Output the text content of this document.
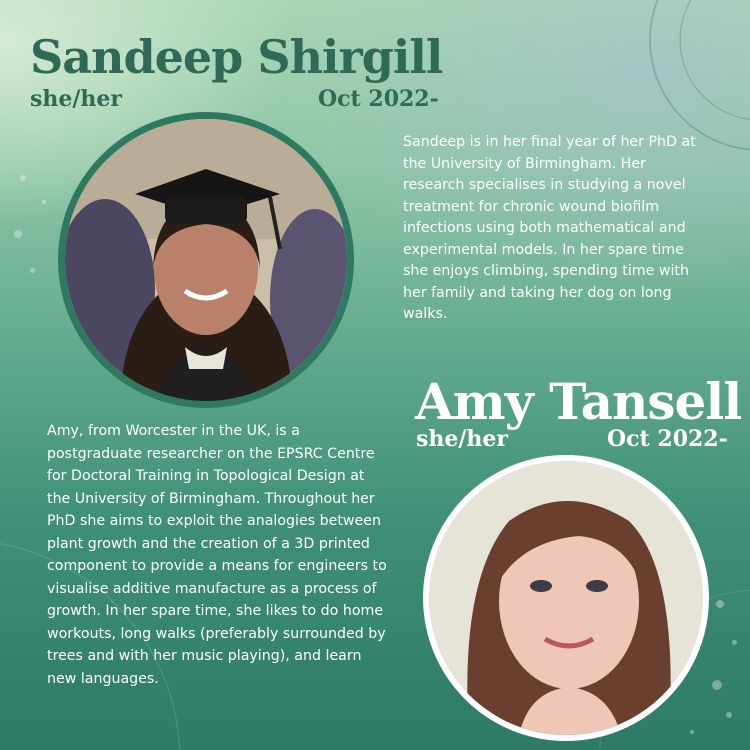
Sandeep Shirgill
she/her	Oct 2022-

Sandeep is in her final year of her PhD at the University of Birmingham. Her research specialises in studying a novel treatment for chronic wound biofilm infections using both mathematical and experimental models. In her spare time she enjoys climbing, spending time with her family and taking her dog on long walks.

Amy Tansell
she/her	Oct 2022-

Amy, from Worcester in the UK, is a postgraduate researcher on the EPSRC Centre for Doctoral Training in Topological Design at the University of Birmingham. Throughout her PhD she aims to exploit the analogies between plant growth and the creation of a 3D printed component to provide a means for engineers to visualise additive manufacture as a process of growth. In her spare time, she likes to do home workouts, long walks (preferably surrounded by trees and with her music playing), and learn new languages.
